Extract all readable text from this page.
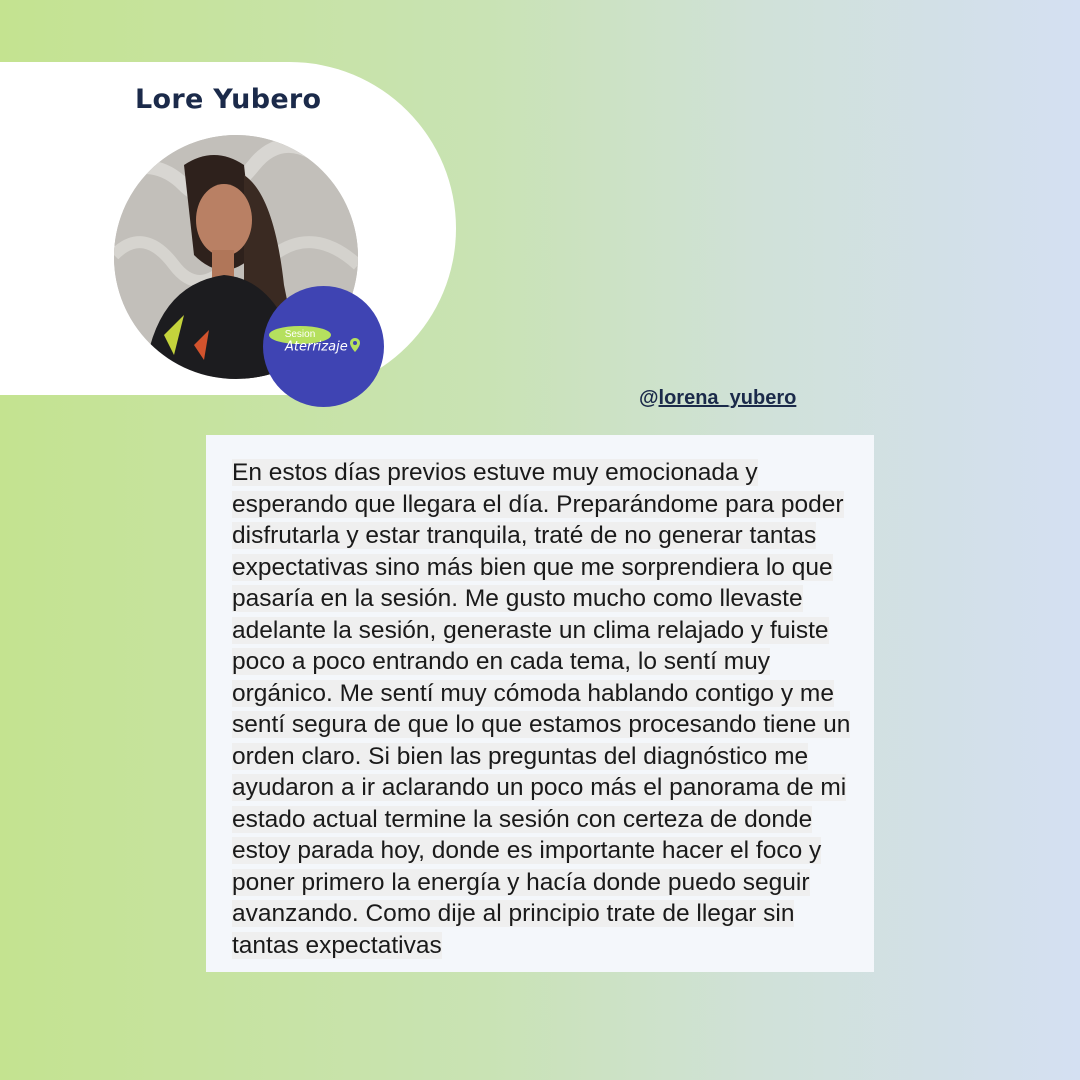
Lore Yubero
Sesion
Aterrizaje
@lorena_yubero

En estos días previos estuve muy emocionada y esperando que llegara el día. Preparándome para poder disfrutarla y estar tranquila, traté de no generar tantas expectativas sino más bien que me sorprendiera lo que pasaría en la sesión. Me gusto mucho como llevaste adelante la sesión, generaste un clima relajado y fuiste poco a poco entrando en cada tema, lo sentí muy orgánico. Me sentí muy cómoda hablando contigo y me sentí segura de que lo que estamos procesando tiene un orden claro. Si bien las preguntas del diagnóstico me ayudaron a ir aclarando un poco más el panorama de mi estado actual termine la sesión con certeza de donde estoy parada hoy, donde es importante hacer el foco y poner primero la energía y hacía donde puedo seguir avanzando. Como dije al principio trate de llegar sin tantas expectativas
